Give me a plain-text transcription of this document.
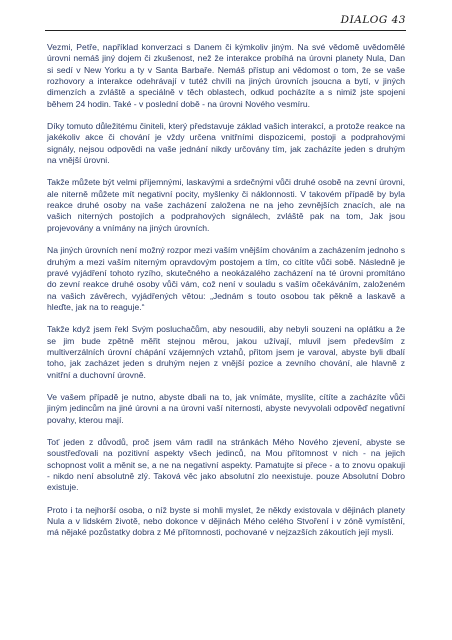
DIALOG 43

Vezmi, Petře, například konverzaci s Danem či kýmkoliv jiným. Na své vědomě uvědomělé úrovni nemáš jiný dojem či zkušenost, než že interakce probíhá na úrovni planety Nula, Dan si sedí v New Yorku a ty v Santa Barbaře. Nemáš přístup ani vědomost o tom, že se vaše rozhovory a interakce odehrávají v tutéž chvíli na jiných úrovních jsoucna a bytí, v jiných dimenzích a zvláště a speciálně v těch oblastech, odkud pocházíte a s nimiž jste spojeni během 24 hodin. Také - v poslední době - na úrovni Nového vesmíru.

Díky tomuto důležitému činiteli, který představuje základ vašich interakcí, a protože reakce na jakékoliv akce či chování je vždy určena vnitřními dispozicemi, postoji a podprahovými signály, nejsou odpovědi na vaše jednání nikdy určovány tím, jak zacházíte jeden s druhým na vnější úrovni.

Takže můžete být velmi příjemnými, laskavými a srdečnými vůči druhé osobě na zevní úrovni, ale niterně můžete mít negativní pocity, myšlenky či náklonnosti. V takovém případě by byla reakce druhé osoby na vaše zacházení založena ne na jeho zevnějších znacích, ale na vašich niterných postojích a podprahových signálech, zvláště pak na tom, Jak jsou projevovány a vnímány na jiných úrovních.

Na jiných úrovních není možný rozpor mezi vaším vnějším chováním a zacházením jednoho s druhým a mezi vaším niterným opravdovým postojem a tím, co cítíte vůči sobě. Následně je pravé vyjádření tohoto ryzího, skutečného a neokázalého zacházení na té úrovni promítáno do zevní reakce druhé osoby vůči vám, což není v souladu s vaším očekáváním, založeném na vašich závěrech, vyjádřených větou: „Jednám s touto osobou tak pěkně a laskavě a hleďte, jak na to reaguje.“

Takže když jsem řekl Svým posluchačům, aby nesoudili, aby nebyli souzeni na oplátku a že se jim bude zpětně měřit stejnou měrou, jakou užívají, mluvil jsem především z multiverzálních úrovní chápání vzájemných vztahů, přitom jsem je varoval, abyste byli dbalí toho, jak zacházet jeden s druhým nejen z vnější pozice a zevního chování, ale hlavně z vnitřní a duchovní úrovně.

Ve vašem případě je nutno, abyste dbali na to, jak vnímáte, myslíte, cítíte a zacházíte vůči jiným jedincům na jiné úrovni a na úrovni vaší niternosti, abyste nevyvolali odpověď negativní povahy, kterou mají.

Toť jeden z důvodů, proč jsem vám radil na stránkách Mého Nového zjevení, abyste se soustřeďovali na pozitivní aspekty všech jedinců, na Mou přítomnost v nich - na jejich schopnost volit a měnit se, a ne na negativní aspekty. Pamatujte si přece - a to znovu opakuji - nikdo není absolutně zlý. Taková věc jako absolutní zlo neexistuje. pouze Absolutní Dobro existuje.

Proto i ta nejhorší osoba, o níž byste si mohli myslet, že někdy existovala v dějinách planety Nula a v lidském životě, nebo dokonce v dějinách Mého celého Stvoření i v zóně vymístění, má nějaké pozůstatky dobra z Mé přítomnosti, pochované v nejzazších zákoutích její mysli.
